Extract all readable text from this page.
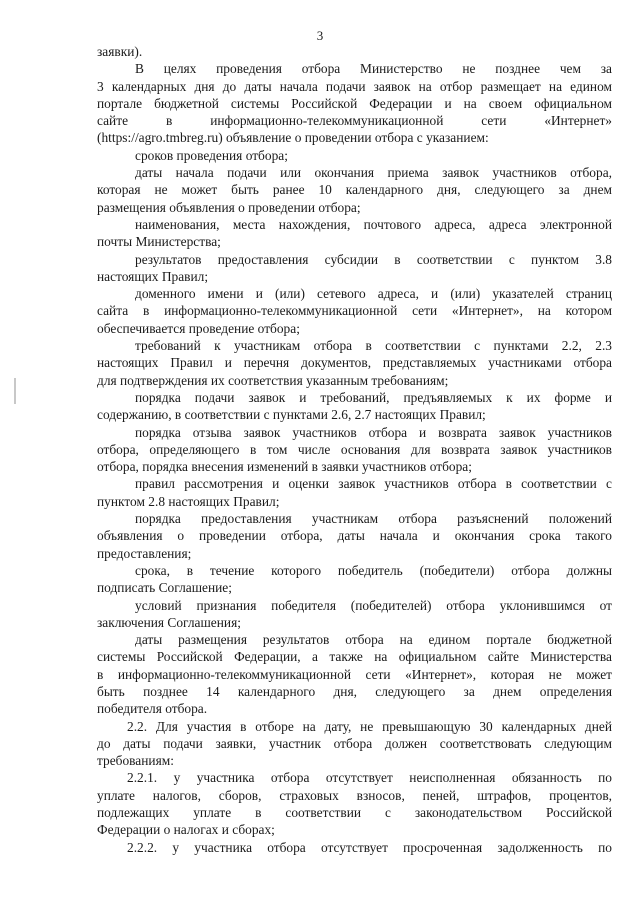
3
заявки).
В целях проведения отбора Министерство не позднее чем за
3 календарных дня до даты начала подачи заявок на отбор размещает на едином
портале бюджетной системы Российской Федерации и на своем официальном
сайте в информационно-телекоммуникационной сети «Интернет»
(https://agro.tmbreg.ru) объявление о проведении отбора с указанием:
сроков проведения отбора;
даты начала подачи или окончания приема заявок участников отбора,
которая не может быть ранее 10 календарного дня, следующего за днем
размещения объявления о проведении отбора;
наименования, места нахождения, почтового адреса, адреса электронной
почты Министерства;
результатов предоставления субсидии в соответствии с пунктом 3.8
настоящих Правил;
доменного имени и (или) сетевого адреса, и (или) указателей страниц
сайта в информационно-телекоммуникационной сети «Интернет», на котором
обеспечивается проведение отбора;
требований к участникам отбора в соответствии с пунктами 2.2, 2.3
настоящих Правил и перечня документов, представляемых участниками отбора
для подтверждения их соответствия указанным требованиям;
порядка подачи заявок и требований, предъявляемых к их форме и
содержанию, в соответствии с пунктами 2.6, 2.7 настоящих Правил;
порядка отзыва заявок участников отбора и возврата заявок участников
отбора, определяющего в том числе основания для возврата заявок участников
отбора, порядка внесения изменений в заявки участников отбора;
правил рассмотрения и оценки заявок участников отбора в соответствии с
пунктом 2.8 настоящих Правил;
порядка предоставления участникам отбора разъяснений положений
объявления о проведении отбора, даты начала и окончания срока такого
предоставления;
срока, в течение которого победитель (победители) отбора должны
подписать Соглашение;
условий признания победителя (победителей) отбора уклонившимся от
заключения Соглашения;
даты размещения результатов отбора на едином портале бюджетной
системы Российской Федерации, а также на официальном сайте Министерства
в информационно-телекоммуникационной сети «Интернет», которая не может
быть позднее 14 календарного дня, следующего за днем определения
победителя отбора.
2.2. Для участия в отборе на дату, не превышающую 30 календарных дней
до даты подачи заявки, участник отбора должен соответствовать следующим
требованиям:
2.2.1. у участника отбора отсутствует неисполненная обязанность по
уплате налогов, сборов, страховых взносов, пеней, штрафов, процентов,
подлежащих уплате в соответствии с законодательством Российской
Федерации о налогах и сборах;
2.2.2. у участника отбора отсутствует просроченная задолженность по
